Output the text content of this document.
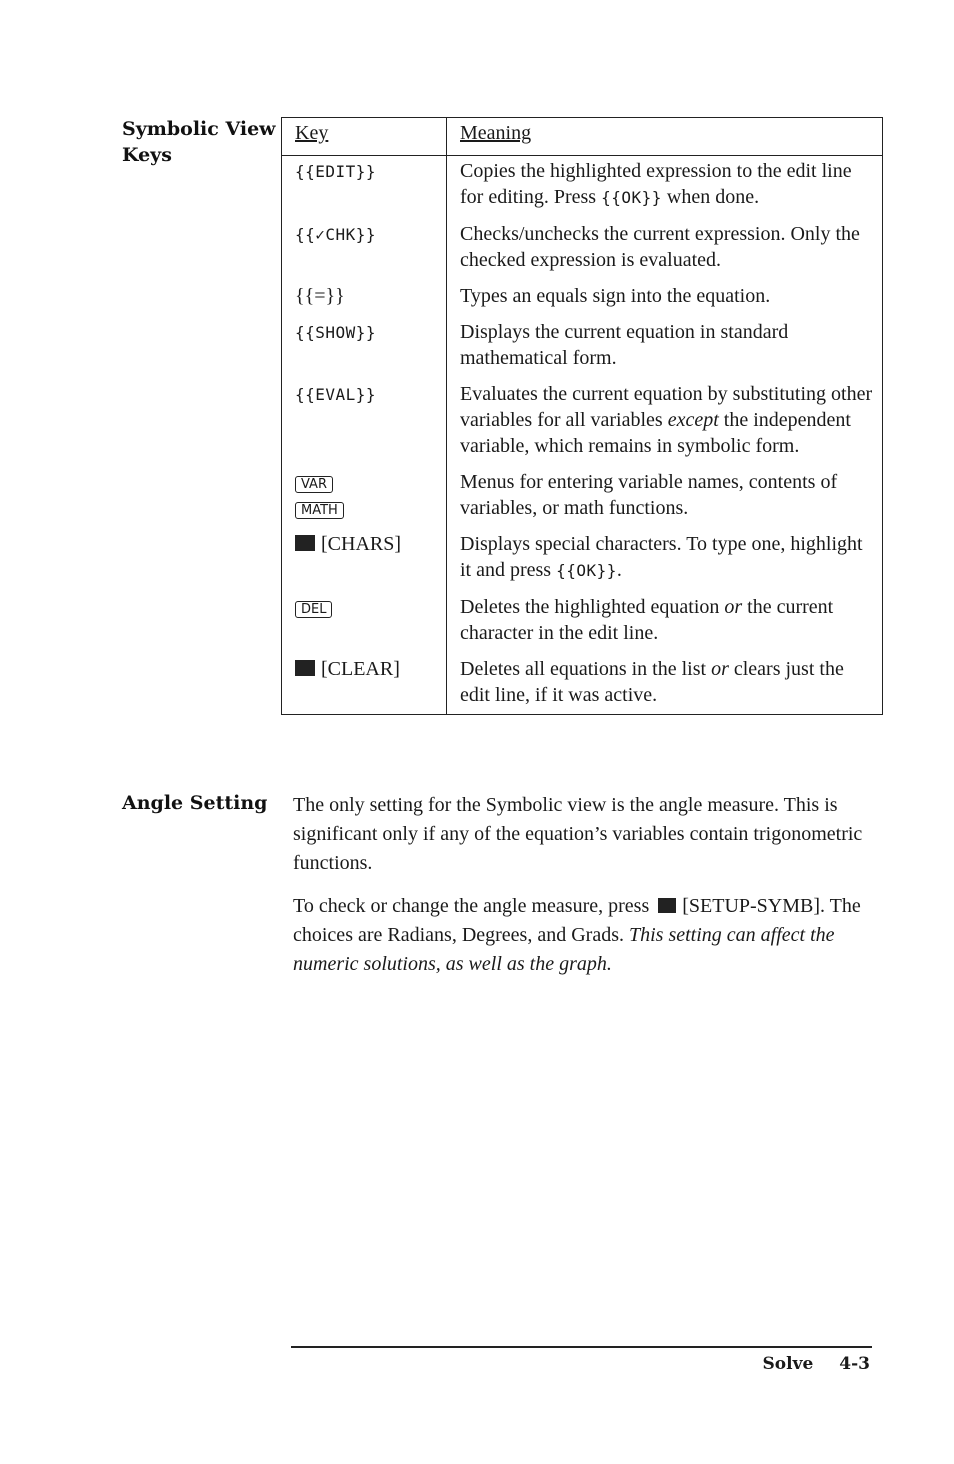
Symbolic View
Keys
Key	Meaning
{{EDIT}}	Copies the highlighted expression to the edit line for editing. Press {{OK}} when done.
{{✓CHK}}	Checks/unchecks the current expression. Only the checked expression is evaluated.
{{=}}	Types an equals sign into the equation.
{{SHOW}}	Displays the current equation in standard mathematical form.
{{EVAL}}	Evaluates the current equation by substituting other variables for all variables except the independent variable, which remains in symbolic form.
VAR
MATH	Menus for entering variable names, contents of variables, or math functions.
[CHARS]	Displays special characters. To type one, highlight it and press {{OK}}.
DEL	Deletes the highlighted equation or the current character in the edit line.
[CLEAR]	Deletes all equations in the list or clears just the edit line, if it was active.
Angle Setting The only setting for the Symbolic view is the angle measure. This is significant only if any of the equation’s variables contain trigonometric functions.

To check or change the angle measure, press [SETUP-SYMB]. The choices are Radians, Degrees, and Grads. This setting can affect the numeric solutions, as well as the graph.

Solve 4-3
